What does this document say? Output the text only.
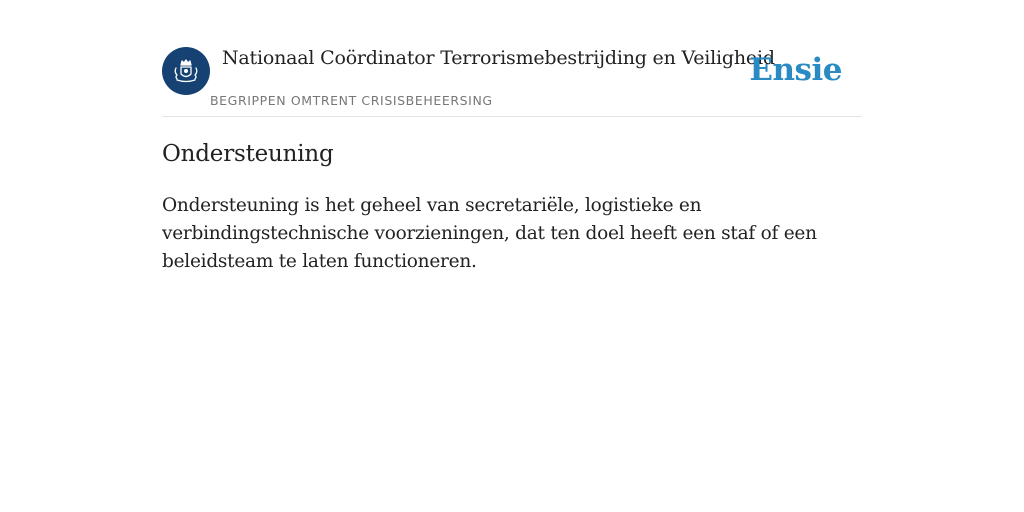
Nationaal Coördinator Terrorismebestrijding en Veiligheid
BEGRIPPEN OMTRENT CRISISBEHEERSING
Ensie
Ondersteuning

Ondersteuning is het geheel van secretariële, logistieke en verbindingstechnische voorzieningen, dat ten doel heeft een staf of een beleidsteam te laten functioneren.
